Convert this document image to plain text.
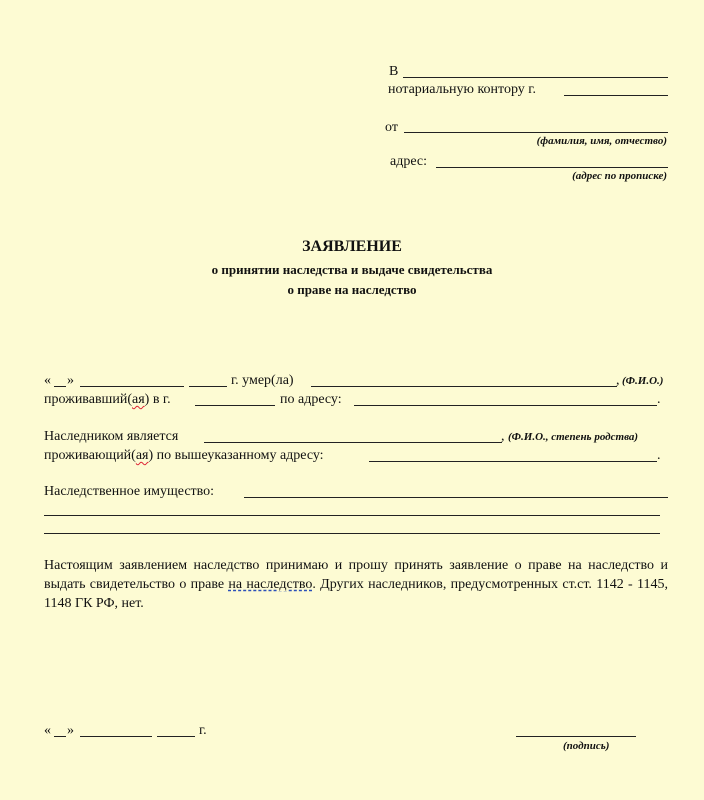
В
нотариальную контору г.
от
(фамилия, имя, отчество)
адрес:
(адрес по прописке)
ЗАЯВЛЕНИЕ
о принятии наследства и выдаче свидетельства
о праве на наследство
« »	г. умер(ла)	, (Ф.И.О.)
проживавший(ая) в г.	по адресу:	.
Наследником является	, (Ф.И.О., степень родства)
проживающий(ая) по вышеуказанному адресу:	.
Наследственное имущество:
Настоящим заявлением наследство принимаю и прошу принять заявление о праве на наследство и выдать свидетельство о праве на наследство. Других наследников, предусмотренных ст.ст. 1142 - 1145, 1148 ГК РФ, нет.
« »	г.
(подпись)
